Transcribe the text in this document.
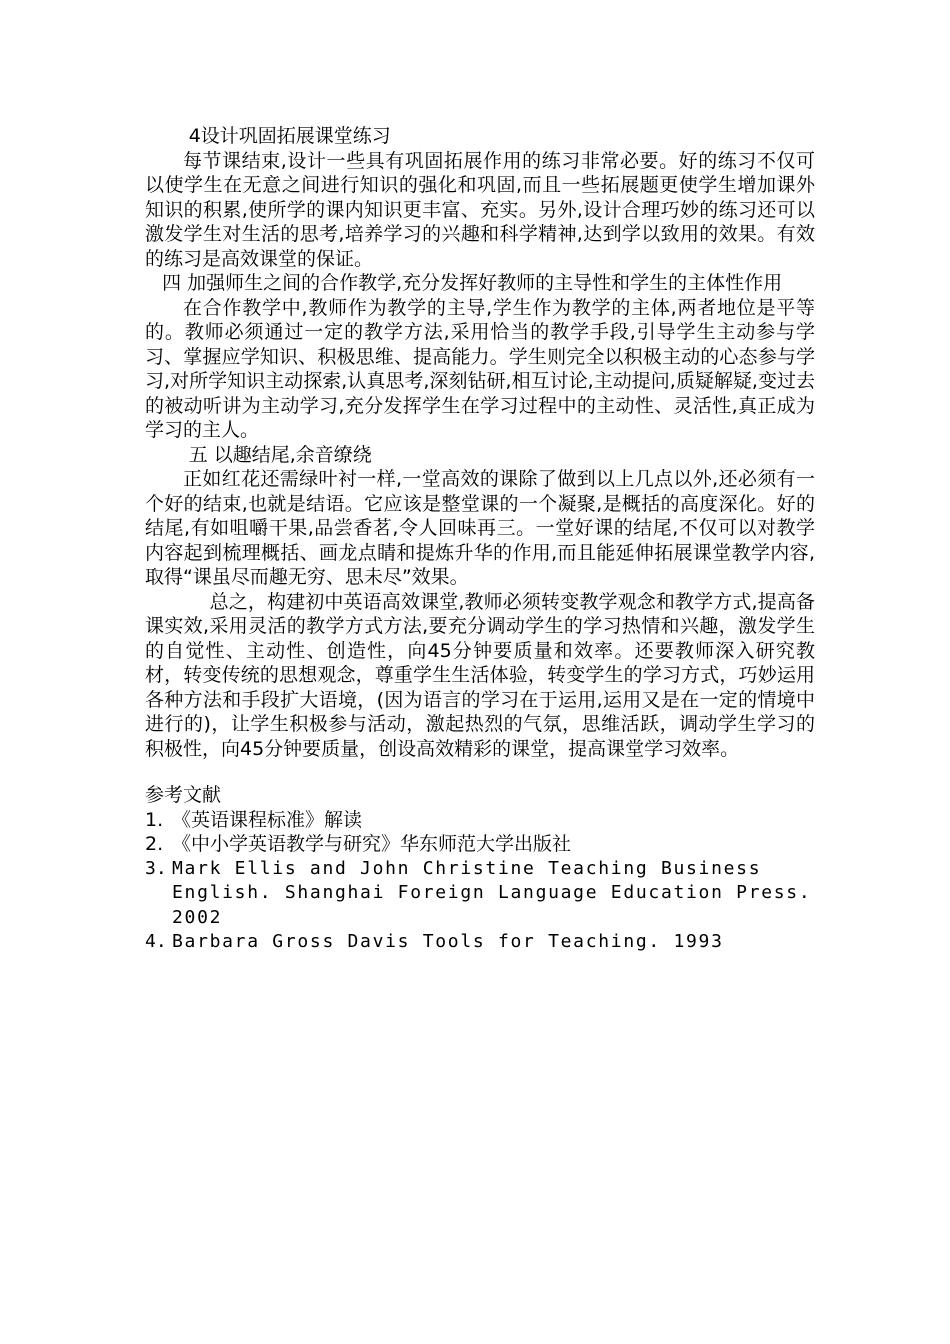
4设计巩固拓展课堂练习

每节课结束,设计一些具有巩固拓展作用的练习非常必要。好的练习不仅可以使学生在无意之间进行知识的强化和巩固,而且一些拓展题更使学生增加课外知识的积累,使所学的课内知识更丰富、充实。另外,设计合理巧妙的练习还可以激发学生对生活的思考,培养学习的兴趣和科学精神,达到学以致用的效果。有效的练习是高效课堂的保证。

四 加强师生之间的合作教学,充分发挥好教师的主导性和学生的主体性作用

在合作教学中,教师作为教学的主导,学生作为教学的主体,两者地位是平等的。教师必须通过一定的教学方法,采用恰当的教学手段,引导学生主动参与学习、掌握应学知识、积极思维、提高能力。学生则完全以积极主动的心态参与学习,对所学知识主动探索,认真思考,深刻钻研,相互讨论,主动提问,质疑解疑,变过去的被动听讲为主动学习,充分发挥学生在学习过程中的主动性、灵活性,真正成为学习的主人。

五 以趣结尾,余音缭绕

正如红花还需绿叶衬一样,一堂高效的课除了做到以上几点以外,还必须有一个好的结束,也就是结语。它应该是整堂课的一个凝聚,是概括的高度深化。好的结尾,有如咀嚼干果,品尝香茗,令人回味再三。一堂好课的结尾,不仅可以对教学内容起到梳理概括、画龙点睛和提炼升华的作用,而且能延伸拓展课堂教学内容,取得“课虽尽而趣无穷、思未尽”效果。

总之，构建初中英语高效课堂,教师必须转变教学观念和教学方式,提高备课实效,采用灵活的教学方式方法,要充分调动学生的学习热情和兴趣，激发学生的自觉性、主动性、创造性，向45分钟要质量和效率。还要教师深入研究教材，转变传统的思想观念，尊重学生生活体验，转变学生的学习方式，巧妙运用各种方法和手段扩大语境，(因为语言的学习在于运用,运用又是在一定的情境中进行的)，让学生积极参与活动，激起热烈的气氛，思维活跃，调动学生学习的积极性，向45分钟要质量，创设高效精彩的课堂，提高课堂学习效率。

参考文献

1. 《英语课程标准》解读
2. 《中小学英语教学与研究》华东师范大学出版社
3. Mark Ellis and John Christine Teaching Business English. Shanghai Foreign Language Education Press. 2002
4. Barbara Gross Davis Tools for Teaching. 1993
